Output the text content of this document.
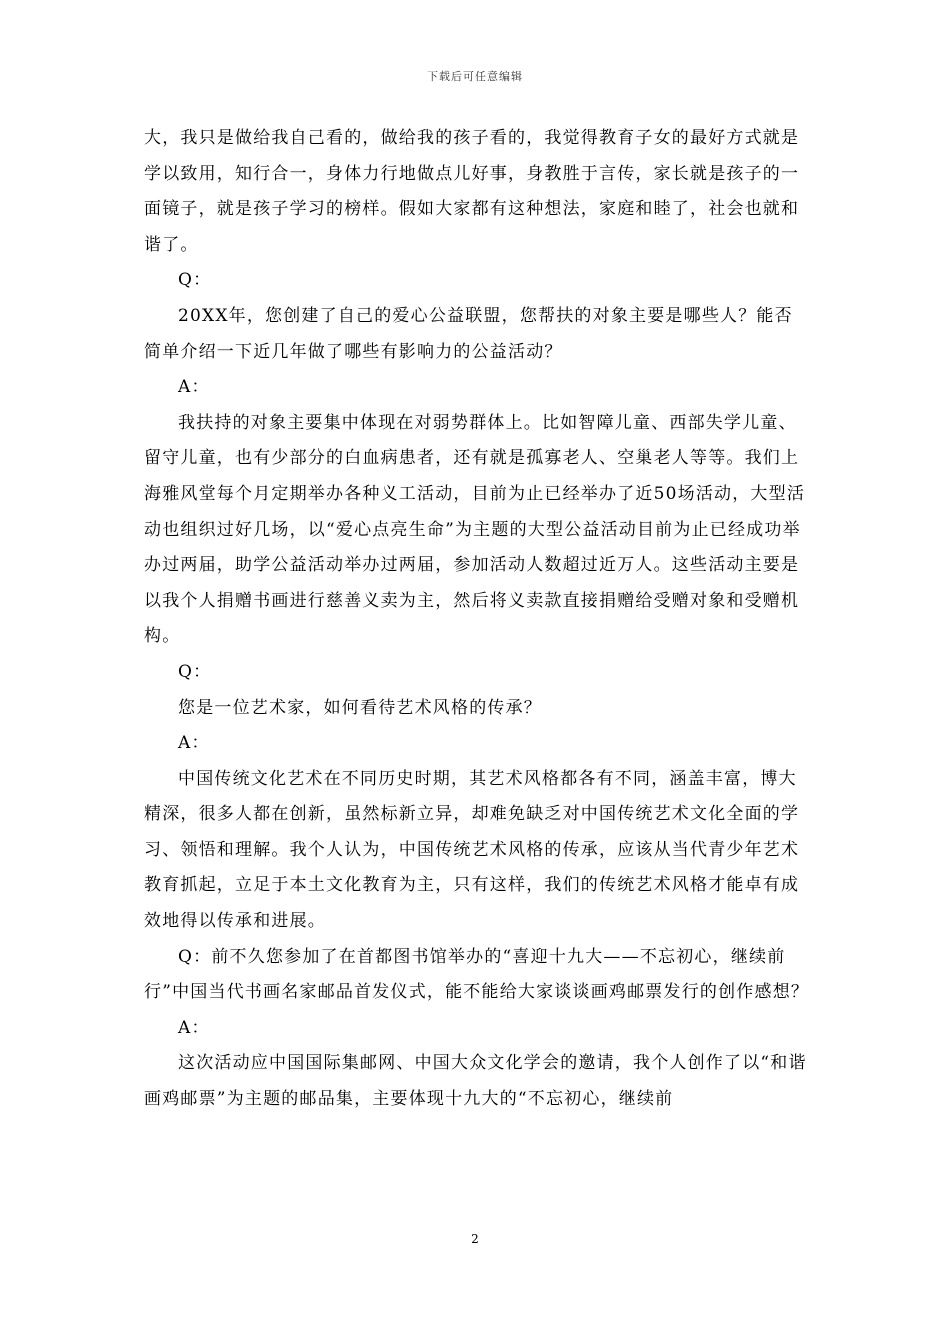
下载后可任意编辑

大，我只是做给我自己看的，做给我的孩子看的，我觉得教育子女的最好方式就是学以致用，知行合一，身体力行地做点儿好事，身教胜于言传，家长就是孩子的一面镜子，就是孩子学习的榜样。假如大家都有这种想法，家庭和睦了，社会也就和谐了。

Q：

20XX年，您创建了自己的爱心公益联盟，您帮扶的对象主要是哪些人？能否简单介绍一下近几年做了哪些有影响力的公益活动？

A：

我扶持的对象主要集中体现在对弱势群体上。比如智障儿童、西部失学儿童、留守儿童，也有少部分的白血病患者，还有就是孤寡老人、空巢老人等等。我们上海雅风堂每个月定期举办各种义工活动，目前为止已经举办了近50场活动，大型活动也组织过好几场，以“爱心点亮生命”为主题的大型公益活动目前为止已经成功举办过两届，助学公益活动举办过两届，参加活动人数超过近万人。这些活动主要是以我个人捐赠书画进行慈善义卖为主，然后将义卖款直接捐赠给受赠对象和受赠机构。

Q：

您是一位艺术家，如何看待艺术风格的传承？

A：

中国传统文化艺术在不同历史时期，其艺术风格都各有不同，涵盖丰富，博大精深，很多人都在创新，虽然标新立异，却难免缺乏对中国传统艺术文化全面的学习、领悟和理解。我个人认为，中国传统艺术风格的传承，应该从当代青少年艺术教育抓起，立足于本土文化教育为主，只有这样，我们的传统艺术风格才能卓有成效地得以传承和进展。

Q：前不久您参加了在首都图书馆举办的“喜迎十九大——不忘初心，继续前行”中国当代书画名家邮品首发仪式，能不能给大家谈谈画鸡邮票发行的创作感想？

A：

这次活动应中国国际集邮网、中国大众文化学会的邀请，我个人创作了以“和谐画鸡邮票”为主题的邮品集，主要体现十九大的“不忘初心，继续前

2
